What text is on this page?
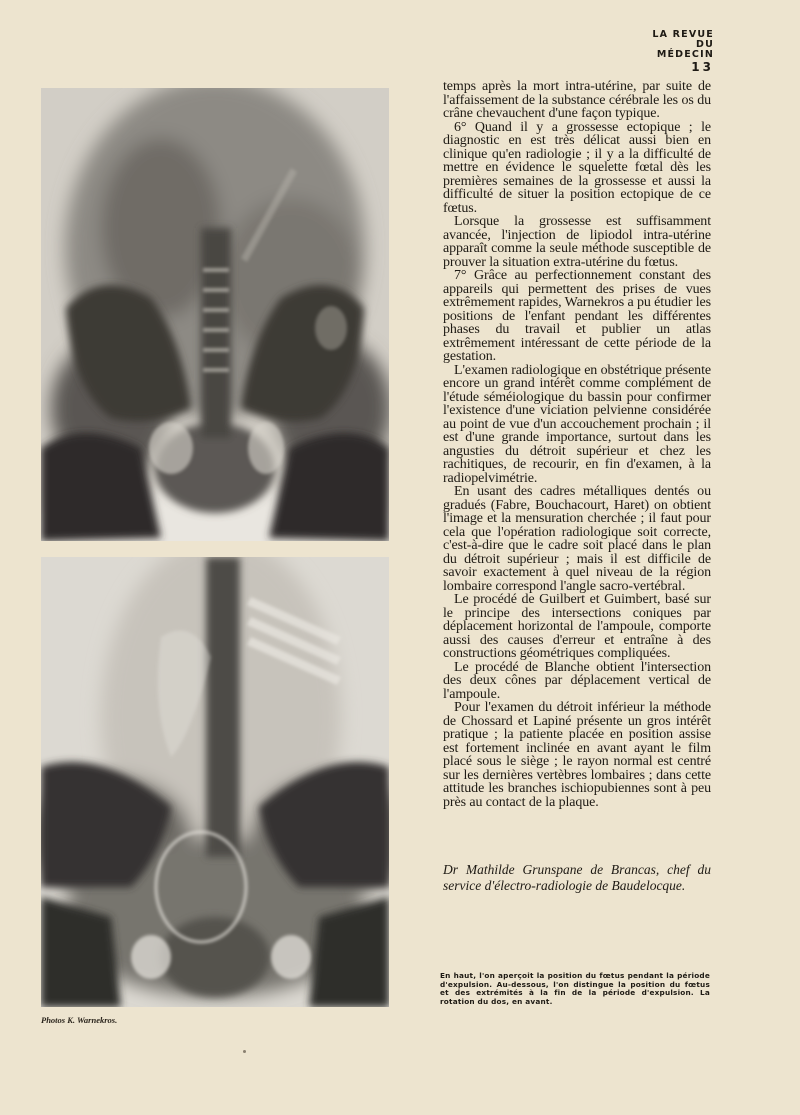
LA REVUE
DU
MÉDECIN
13
Photos K. Warnekros.

temps après la mort intra-utérine, par suite de l'affaissement de la substance cérébrale les os du crâne chevauchent d'une façon typique.

6° Quand il y a grossesse ectopique ; le diagnostic en est très délicat aussi bien en clinique qu'en radiologie ; il y a la difficulté de mettre en évidence le squelette fœtal dès les premières semaines de la grossesse et aussi la difficulté de situer la position ectopique de ce fœtus.

Lorsque la grossesse est suffisamment avancée, l'injection de lipiodol intra-utérine apparaît comme la seule méthode susceptible de prouver la situation extra-utérine du fœtus.

7° Grâce au perfectionnement constant des appareils qui permettent des prises de vues extrêmement rapides, Warnekros a pu étudier les positions de l'enfant pendant les différentes phases du travail et publier un atlas extrêmement intéressant de cette période de la gestation.

L'examen radiologique en obstétrique présente encore un grand intérêt comme complément de l'étude séméiologique du bassin pour confirmer l'existence d'une viciation pelvienne considérée au point de vue d'un accouchement prochain ; il est d'une grande importance, surtout dans les angusties du détroit supérieur et chez les rachitiques, de recourir, en fin d'examen, à la radiopelvimétrie.

En usant des cadres métalliques dentés ou gradués (Fabre, Bouchacourt, Haret) on obtient l'image et la mensuration cherchée ; il faut pour cela que l'opération radiologique soit correcte, c'est-à-dire que le cadre soit placé dans le plan du détroit supérieur ; mais il est difficile de savoir exactement à quel niveau de la région lombaire correspond l'angle sacro-vertébral.

Le procédé de Guilbert et Guimbert, basé sur le principe des intersections coniques par déplacement horizontal de l'ampoule, comporte aussi des causes d'erreur et entraîne à des constructions géométriques compliquées.

Le procédé de Blanche obtient l'intersection des deux cônes par déplacement vertical de l'ampoule.

Pour l'examen du détroit inférieur la méthode de Chossard et Lapiné présente un gros intérêt pratique ; la patiente placée en position assise est fortement inclinée en avant ayant le film placé sous le siège ; le rayon normal est centré sur les dernières vertèbres lombaires ; dans cette attitude les branches ischiopubiennes sont à peu près au contact de la plaque.

Dr Mathilde Grunspane de Brancas, chef du service d'électro-radiologie de Baudelocque.
En haut, l'on aperçoit la position du fœtus pendant la période d'expulsion. Au-dessous, l'on distingue la position du fœtus et des extrémités à la fin de la période d'expulsion. La rotation du dos, en avant.
